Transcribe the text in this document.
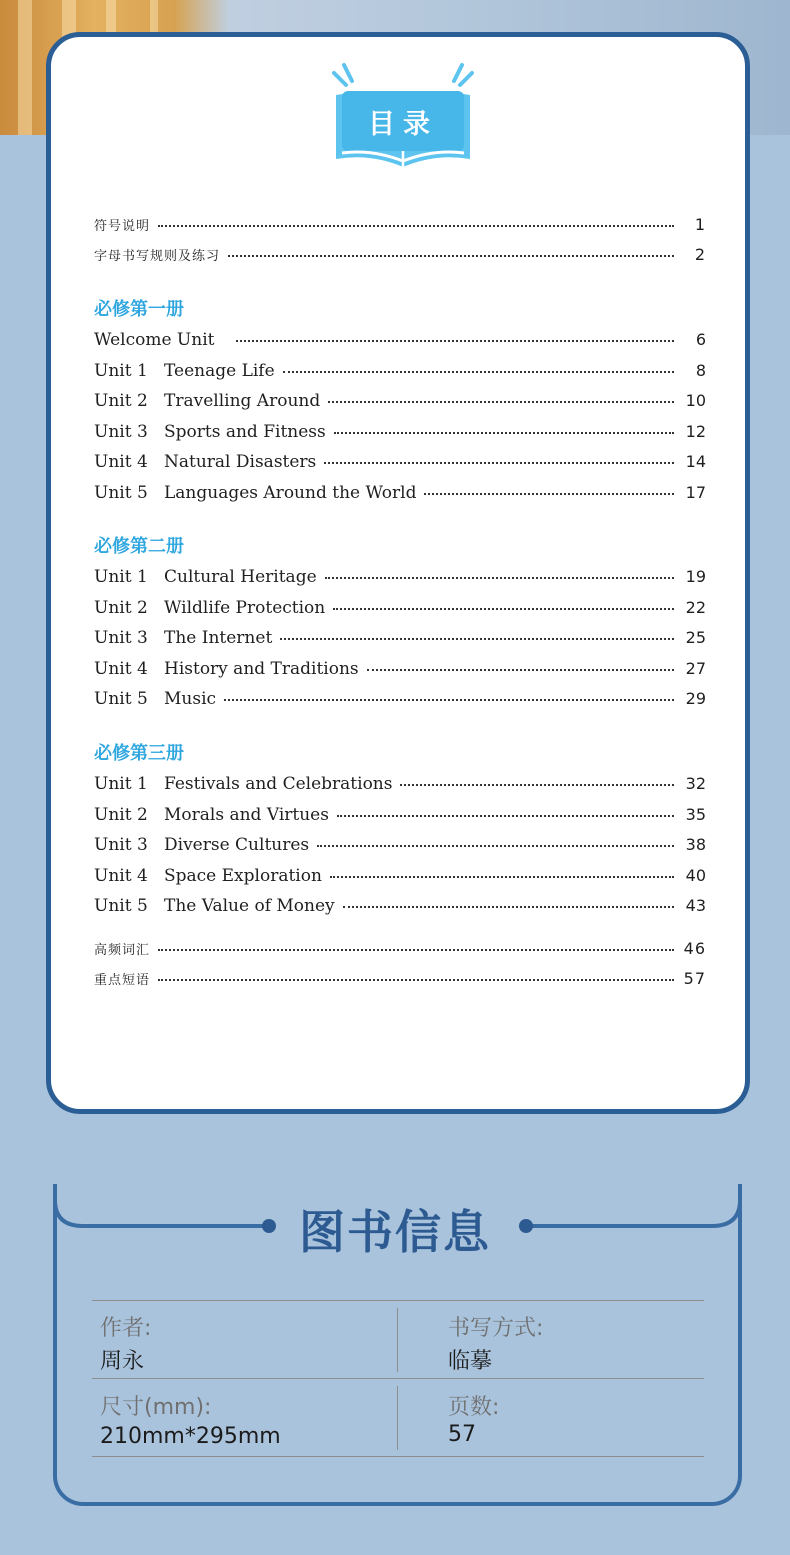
目录
符号说明	1
字母书写规则及练习	2
必修第一册
Welcome Unit	6
Unit 1 Teenage Life	8
Unit 2 Travelling Around	10
Unit 3 Sports and Fitness	12
Unit 4 Natural Disasters	14
Unit 5 Languages Around the World	17
必修第二册
Unit 1 Cultural Heritage	19
Unit 2 Wildlife Protection	22
Unit 3 The Internet	25
Unit 4 History and Traditions	27
Unit 5 Music	29
必修第三册
Unit 1 Festivals and Celebrations	32
Unit 2 Morals and Virtues	35
Unit 3 Diverse Cultures	38
Unit 4 Space Exploration	40
Unit 5 The Value of Money	43
高频词汇	46
重点短语	57
图书信息
作者:
周永
书写方式:
临摹
尺寸(mm):
210mm*295mm
页数:
57
